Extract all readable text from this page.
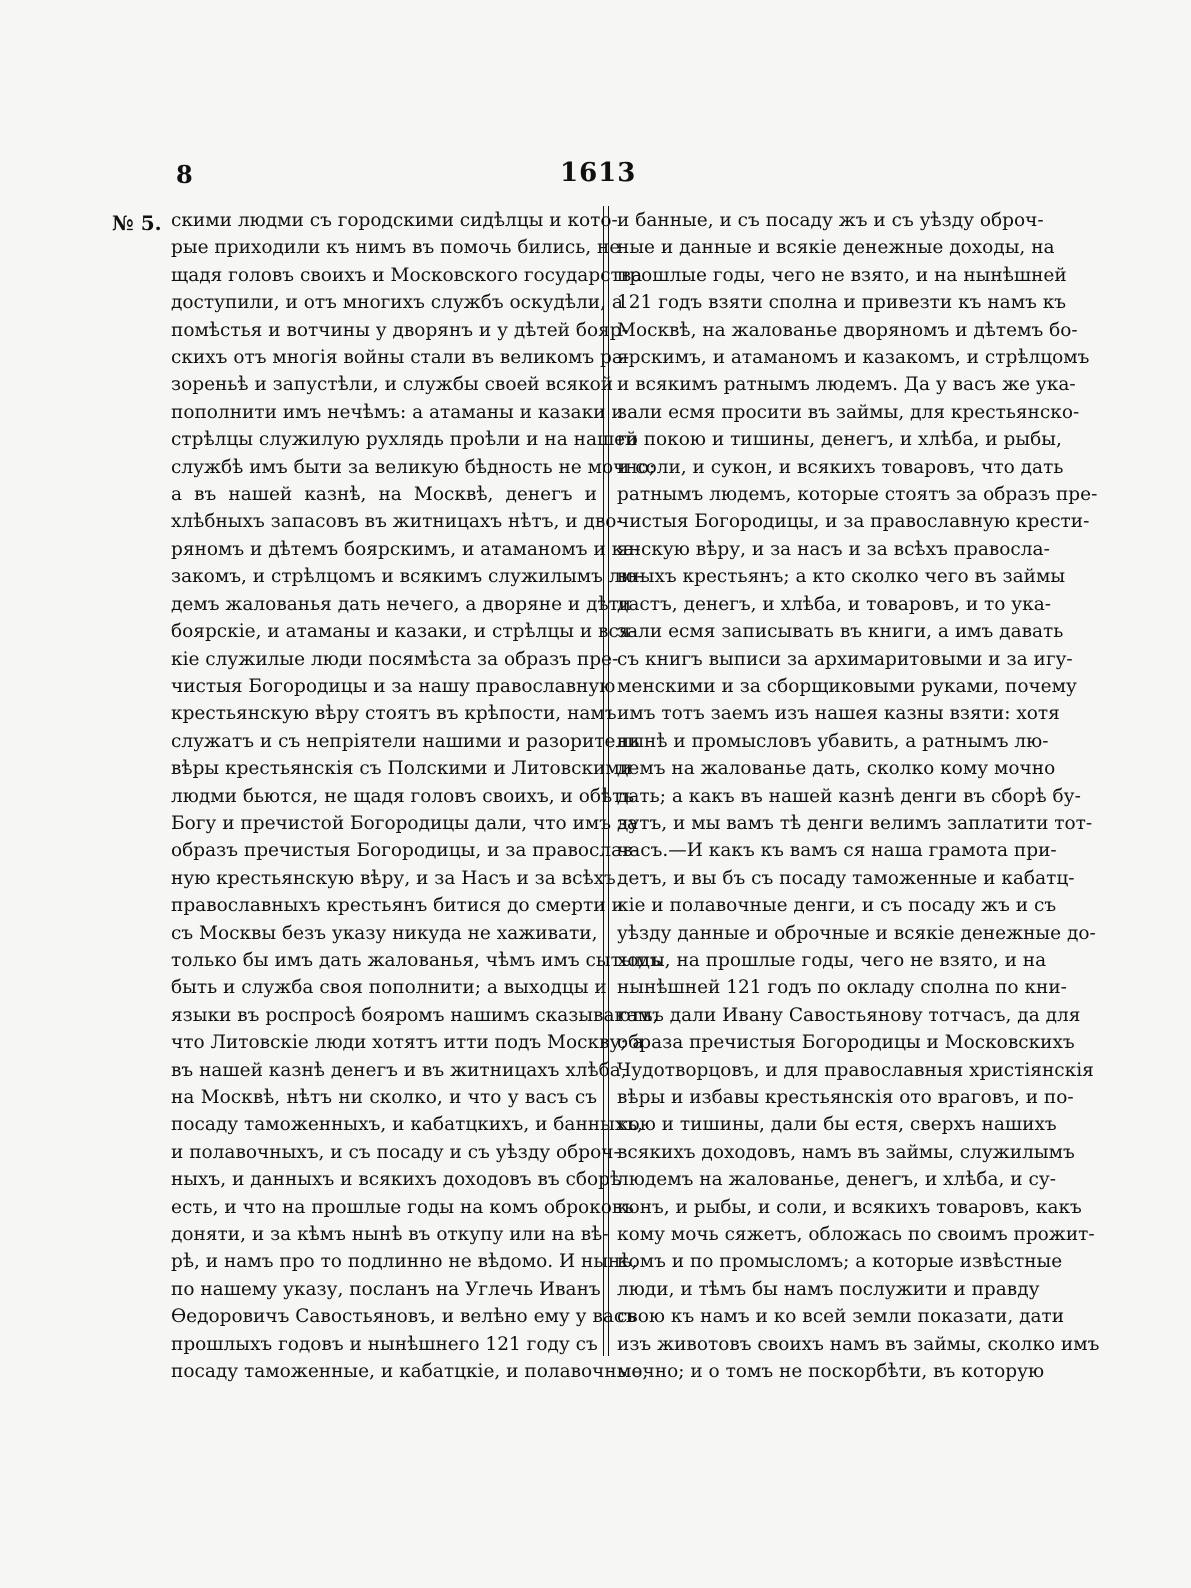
8	1613
№ 5. скими людми съ городскими сидѣлцы и кото-
рые приходили къ нимъ въ помочь бились, не
щадя головъ своихъ и Московского государства
доступили, и отъ многихъ службъ оскудѣли, а
помѣстья и вотчины у дворянъ и у дѣтей бояр-
скихъ отъ многія войны стали въ великомъ ра-
зореньѣ и запустѣли, и службы своей всякой
пополнити имъ нечѣмъ: а атаманы и казаки и
стрѣлцы служилую рухлядь проѣли и на нашей
службѣ имъ быти за великую бѣдность не мочно;
а въ нашей казнѣ, на Москвѣ, денегъ и
хлѣбныхъ запасовъ въ житницахъ нѣтъ, и дво-
ряномъ и дѣтемъ боярскимъ, и атаманомъ и ка-
закомъ, и стрѣлцомъ и всякимъ служилымъ лю-
демъ жалованья дать нечего, а дворяне и дѣти
боярскіе, и атаманы и казаки, и стрѣлцы и вся-
кіе служилые люди посямѣста за образъ пре-
чистыя Богородицы и за нашу православную
крестьянскую вѣру стоятъ въ крѣпости, намъ
служатъ и съ непріятели нашими и разорители
вѣры крестьянскія съ Полскими и Литовскими
людми бьются, не щадя головъ своихъ, и обѣтъ
Богу и пречистой Богородицы дали, что имъ за
образъ пречистыя Богородицы, и за православ-
ную крестьянскую вѣру, и за Насъ и за всѣхъ
православныхъ крестьянъ битися до смерти и
съ Москвы безъ указу никуда не хаживати,
только бы имъ дать жалованья, чѣмъ имъ сытымъ
быть и служба своя пополнити; а выходцы и
языки въ роспросѣ бояромъ нашимъ сказываютъ,
что Литовскіе люди хотятъ итти подъ Москву; а
въ нашей казнѣ денегъ и въ житницахъ хлѣба,
на Москвѣ, нѣтъ ни сколко, и что у васъ съ
посаду таможенныхъ, и кабатцкихъ, и банныхъ,
и полавочныхъ, и съ посаду и съ уѣзду оброч-
ныхъ, и данныхъ и всякихъ доходовъ въ сборѣ
есть, и что на прошлые годы на комъ оброковъ
доняти, и за кѣмъ нынѣ въ откупу или на вѣ-
рѣ, и намъ про то подлинно не вѣдомо. И нынѣ,
по нашему указу, посланъ на Углечь Иванъ
Ѳедоровичъ Савостьяновъ, и велѣно ему у васъ
прошлыхъ годовъ и нынѣшнего 121 году съ
посаду таможенные, и кабатцкіе, и полавочные,
и банные, и съ посаду жъ и съ уѣзду оброч-
ные и данные и всякіе денежные доходы, на
прошлые годы, чего не взято, и на нынѣшней
121 годъ взяти сполна и привезти къ намъ къ
Москвѣ, на жалованье дворяномъ и дѣтемъ бо-
ярскимъ, и атаманомъ и казакомъ, и стрѣлцомъ
и всякимъ ратнымъ людемъ. Да у васъ же ука-
зали есмя просити въ займы, для крестьянско-
го покою и тишины, денегъ, и хлѣба, и рыбы,
и соли, и сукон, и всякихъ товаровъ, что дать
ратнымъ людемъ, которые стоятъ за образъ пре-
чистыя Богородицы, и за православную крести-
янскую вѣру, и за насъ и за всѣхъ правосла-
вныхъ крестьянъ; а кто сколко чего въ займы
дастъ, денегъ, и хлѣба, и товаровъ, и то ука-
зали есмя записывать въ книги, а имъ давать
съ книгъ выписи за архимаритовыми и за игу-
менскими и за сборщиковыми руками, почему
имъ тотъ заемъ изъ нашея казны взяти: хотя
нынѣ и промысловъ убавить, а ратнымъ лю-
демъ на жалованье дать, сколко кому мочно
дать; а какъ въ нашей казнѣ денги въ сборѣ бу-
дутъ, и мы вамъ тѣ денги велимъ заплатити тот-
часъ.—И какъ къ вамъ ся наша грамота при-
детъ, и вы бъ съ посаду таможенные и кабатц-
кіе и полавочные денги, и съ посаду жъ и съ
уѣзду данные и оброчные и всякіе денежные до-
ходы, на прошлые годы, чего не взято, и на
нынѣшней 121 годъ по окладу сполна по кни-
гамъ дали Ивану Савостьянову тотчасъ, да для
образа пречистыя Богородицы и Московскихъ
Чудотворцовъ, и для православныя христіянскія
вѣры и избавы крестьянскія ото враговъ, и по-
кою и тишины, дали бы естя, сверхъ нашихъ
всякихъ доходовъ, намъ въ займы, служилымъ
людемъ на жалованье, денегъ, и хлѣба, и су-
конъ, и рыбы, и соли, и всякихъ товаровъ, какъ
кому мочь сяжетъ, обложась по своимъ прожит-
комъ и по промысломъ; а которые извѣстные
люди, и тѣмъ бы намъ послужити и правду
свою къ намъ и ко всей земли показати, дати
изъ животовъ своихъ намъ въ займы, сколко имъ
мочно; и о томъ не поскорбѣти, въ которую
